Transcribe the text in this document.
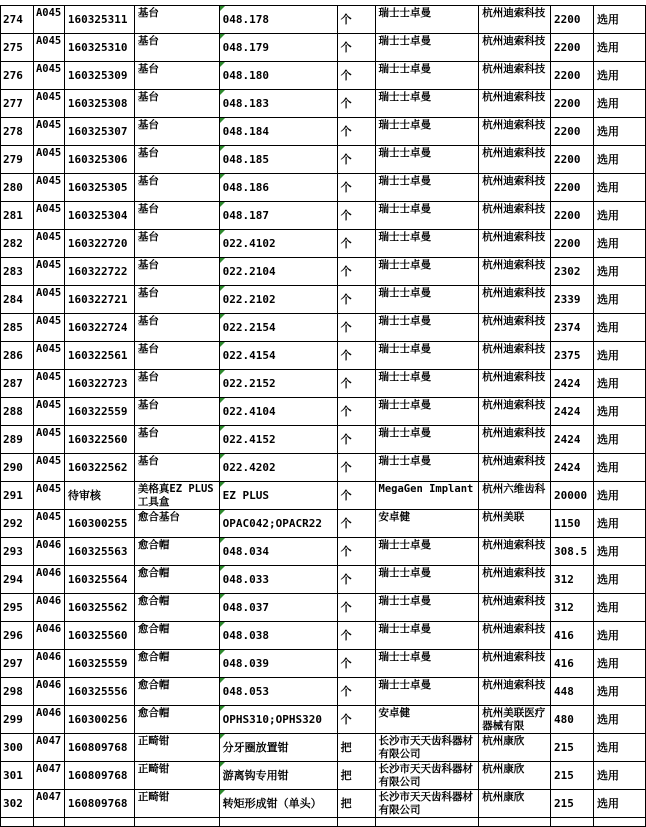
274	A045	160325311	基台	048.178	个	瑞士士卓曼	杭州迪索科技	2200	选用
275	A045	160325310	基台	048.179	个	瑞士士卓曼	杭州迪索科技	2200	选用
276	A045	160325309	基台	048.180	个	瑞士士卓曼	杭州迪索科技	2200	选用
277	A045	160325308	基台	048.183	个	瑞士士卓曼	杭州迪索科技	2200	选用
278	A045	160325307	基台	048.184	个	瑞士士卓曼	杭州迪索科技	2200	选用
279	A045	160325306	基台	048.185	个	瑞士士卓曼	杭州迪索科技	2200	选用
280	A045	160325305	基台	048.186	个	瑞士士卓曼	杭州迪索科技	2200	选用
281	A045	160325304	基台	048.187	个	瑞士士卓曼	杭州迪索科技	2200	选用
282	A045	160322720	基台	022.4102	个	瑞士士卓曼	杭州迪索科技	2200	选用
283	A045	160322722	基台	022.2104	个	瑞士士卓曼	杭州迪索科技	2302	选用
284	A045	160322721	基台	022.2102	个	瑞士士卓曼	杭州迪索科技	2339	选用
285	A045	160322724	基台	022.2154	个	瑞士士卓曼	杭州迪索科技	2374	选用
286	A045	160322561	基台	022.4154	个	瑞士士卓曼	杭州迪索科技	2375	选用
287	A045	160322723	基台	022.2152	个	瑞士士卓曼	杭州迪索科技	2424	选用
288	A045	160322559	基台	022.4104	个	瑞士士卓曼	杭州迪索科技	2424	选用
289	A045	160322560	基台	022.4152	个	瑞士士卓曼	杭州迪索科技	2424	选用
290	A045	160322562	基台	022.4202	个	瑞士士卓曼	杭州迪索科技	2424	选用
291	A045	待审核	美格真EZ PLUS工具盒	EZ PLUS	个	MegaGen Implant	杭州六维齿科	20000	选用
292	A045	160300255	愈合基台	OPAC042;OPACR22	个	安卓健	杭州美联	1150	选用
293	A046	160325563	愈合帽	048.034	个	瑞士士卓曼	杭州迪索科技	308.5	选用
294	A046	160325564	愈合帽	048.033	个	瑞士士卓曼	杭州迪索科技	312	选用
295	A046	160325562	愈合帽	048.037	个	瑞士士卓曼	杭州迪索科技	312	选用
296	A046	160325560	愈合帽	048.038	个	瑞士士卓曼	杭州迪索科技	416	选用
297	A046	160325559	愈合帽	048.039	个	瑞士士卓曼	杭州迪索科技	416	选用
298	A046	160325556	愈合帽	048.053	个	瑞士士卓曼	杭州迪索科技	448	选用
299	A046	160300256	愈合帽	OPHS310;OPHS320	个	安卓健	杭州美联医疗器械有限	480	选用
300	A047	160809768	正畸钳	分牙圈放置钳	把	长沙市天天齿科器材有限公司	杭州康欣	215	选用
301	A047	160809768	正畸钳	游离钩专用钳	把	长沙市天天齿科器材有限公司	杭州康欣	215	选用
302	A047	160809768	正畸钳	转矩形成钳（单头）	把	长沙市天天齿科器材有限公司	杭州康欣	215	选用
